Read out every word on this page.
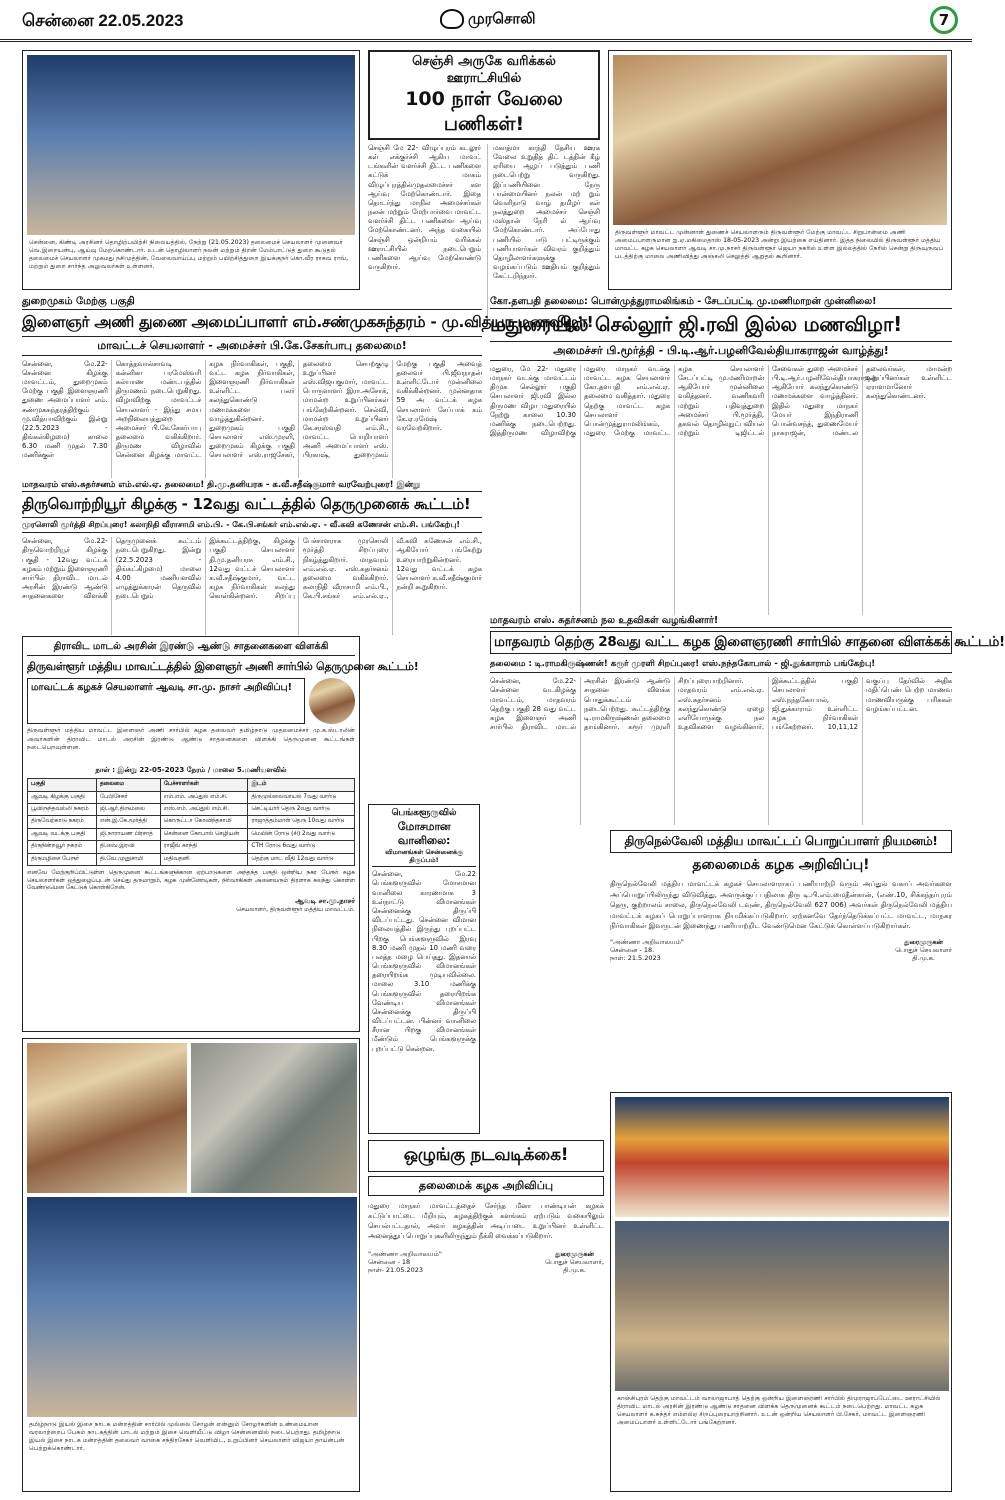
சென்னை 22.05.2023	முரசொலி	7
சென்னை, கிண்டி அரசினர் தொழிற்பயிற்சி நிலையத்தில், நேற்று (21.05.2023) தலைமைச் செயலாளர் முனைவர் வெ.இறையன்பு, ஆய்வு மேற்கொண்டார். உடன் தொழிலாளர் நலன் மற்றும் திறன் மேம்பாட்டுத் துறை கூடுதல் தலைமைச் செயலாளர் முகமது நசிமுத்தின், வேலைவாய்ப்பு மற்றும் பயிற்சித்துறை இயக்குநர் கொ.வீர ராகவ ராவ், மற்றும் துறை சார்ந்த அலுவலர்கள் உள்ளனர்.
செஞ்சி அருகே வரிக்கல் ஊராட்சியில்
100 நாள் வேலை பணிகள்!
செஞ்சி மே 22- விழுப்புரம் கடலூர் கள் எக்குர்ச்சி ஆகிய மாவட் டங்களின் வளர்ச்சி திட்ட பணிகளை கட்டுக் மாகம் விழுப்புரத்தில்முதலமைச்சர் கள ஆய்வு மேற்கொண்டார். இதை தொடர்ந்து மாநில அமைச்சர்கள் நலன் மற்றும் மேற்பார்வை மாவட்ட வளர்ச்சி திட்ட பணிகளை ஆய்வு மேற்கொண்டனர். அந்த வகையில் செஞ்சி ஒன்றியம் வரிக்கல் ஊராட்சியில் நடைபெறும் பணிகளை ஆய்வு மேற்கொண்டு வருகிறார்.
மகாத்மா காந்தி தேசிய ஊரக வேலை உறுதித் திட் டத்தின் கீழ் ஏரியை ஆழப் படுத்தும் பணி நடைபெற்று வருகிறது. இப்பணியினை நேரு பான்மையினர் நலன் மற் றும் வெளிநாடு வாழ் தமிழர் கள் நலத்துறை அமைச்சர் செஞ்சி மஸ்தான் நேரி ல் ஆய்வு மேற்கொண்டார். அப்போது பணியில் ஈடு பட்டிருக்கும் பணியாளர்கள் விவரம் குறித்தும் தொழிலாளர்களுக்கு வழங்கப்படும் ஊதியம் குறித்தும் கேட்டறிந்தார்.
திருவள்ளூர் மாவட்ட முன்னாள் துணைச் செயலாளரும் திருவள்ளூர் மேற்கு மாவட்ட சிறுபான்மை அணி அமைப்பாளருமான ஐ.ஏ.மகிமைதாஸ் 18-05-2023 அன்று இயற்கை எய்தினார். இத்த நிலையில் திருவள்ளூர் மத்திய மாவட்ட கழக செயலாளர் ஆவடி சா.மு.நாசர் திருவள்ளூர் ஜெயா நகரில் உள்ள இல்லத்தில் நேரில் சென்று திருவுருவப் படத்திற்கு மாலை அணிவித்து அஞ்சலி செலுத்தி ஆறுதல் கூறினார்.
துறைமுகம் மேற்கு பகுதி
இளைஞர் அணி துணை அமைப்பாளர் எம்.சண்முகசுந்தரம் - மு.வித்யா மணவிழா!
மாவட்டச் செயலாளர் - அமைச்சர் பி.கே.சேகர்பாபு தலைமை!
சென்னை, மே.22- சென்னை கிழக்கு மாவட்டம், துறைமுகம் மேற்கு பகுதி இளைஞரணி துணை அமைப்பாளர் எம். சண்முகசுந்தரத்திற்கும் மு.வித்யாவிற்கும் இன்று (22.5.2023 - திங்கள்கிழமை) காலை 6.30 மணி முதல் 7.30 மணிக்குள் கொத்தவால்சாவடி கன்னிகா பரமேஸ்வரி கல்யாண மண்டபத்தில் திருமணம் நடைபெறுகிறது. விழாவிற்கு மாவட்டச் செயலாளர் - இந்து சமய அறநிலையத்துறை அமைச்சர் பி.கே.சேகர்பாபு தலைமை வகிக்கிறார். திருமண விழாவில் சென்னை கிழக்கு மாவட்ட கழக நிர்வாகிகள், பகுதி, வட்ட கழக நிர்வாகிகள், இளைஞரணி நிர்வாகிகள் உள்ளிட்ட பலர் கலந்துகொண்டு மணமக்களை வாழ்த்துகின்றனர். துறைமுகம் பகுதி செயலாளர் எஸ்.முரளி, துறைமுகம் கிழக்கு பகுதி செயலாளர் எஸ்.ராஜசேகர், தலைமை செயற்குழு உறுப்பினர் எஸ்.விஜயகுமார், மாவட்ட பொருளாளர் இரா.அசோக், மாமன்ற உறுப்பினர்கள் பங்கேற்கின்றனர். செல்வி, மாமன்ற உறுப்பினர் கே.சரஸ்வதி எம்.சி., மாவட்ட பொறியாளர் அணி அமைப்பாளர் எஸ். பிரகாஷ், துறைமுகம் மேற்கு பகுதி அவைத் தலைவர் பி.ஜீவநாதன் உள்ளிட்டோர் முன்னிலை வகிக்கின்றனர். முன்னதாக 59 அ வட்டக் கழக செயலாளர் சேப்பாக் கம் கே.ஏ.ரமேஷ் வரவேற்கிறார்.
கோ.தளபதி தலைமை: பொன்முத்துராமலிங்கம் - சேடப்பட்டி மு.மணிமாறன் முன்னிலை!
மதுரையில் செல்லூர் ஜி.ரவி இல்ல மணவிழா!
அமைச்சர் பி.மூர்த்தி - பி.டி.ஆர்.பழனிவேல்தியாகராஜன் வாழ்த்து!
மதுரை, மே 22- மதுரை மாநகர் வடக்கு மாவட்டம் திமுக செல்லூர் பகுதி செயலாளர் ஜி.ரவி இல்ல திருமண விழா மதுரையில் நேற்று காலை 10.30 மணிக்கு நடைபெற்றது. இத்திருமண விழாவிற்கு மதுரை மாநகர் வடக்கு மாவட்ட கழக செயலாளர் கோ.தளபதி எம்.எல்.ஏ. தலைமை வகித்தார். மதுரை தெற்கு மாவட்ட கழக செயலாளர் பொன்முத்துராமலிங்கம், மதுரை மேற்கு மாவட்ட கழக செயலாளர் சேடப்பட்டி மு.மணிமாறன் ஆகியோர் முன்னிலை வகித்தனர். வணிகவரி மற்றும் பதிவுத்துறை அமைச்சர் பி.மூர்த்தி, தகவல் தொழில்நுட்பவியல் மற்றும் டிஜிட்டல் சேவைகள் துறை அமைச்சர் பி.டி.ஆர்.பழனிவேல்தியாகராஜன் ஆகியோர் கலந்துகொண்டு மணமக்களை வாழ்த்தினர். இதில் மதுரை மாநகர் மேயர் இந்திராணி பொன்வசந்த், துணைமேயர் நாகராஜன், மண்டல தலைவர்கள், மாமன்ற உறுப்பினர்கள் உள்ளிட்ட ஏராளமானோர் கலந்துகொண்டனர்.
மாதவரம் எஸ்.சுதர்சனம் எம்.எல்.ஏ. தலைமை! தி.மு.தனியரசு - க.வீ.சதீஷ்குமார் வரவேற்புரை! இன்று
திருவொற்றியூர் கிழக்கு - 12வது வட்டத்தில் தெருமுனைக் கூட்டம்!
முரசொலி மூர்த்தி சிறப்புரை! கலாநிதி வீராசாமி எம்.பி. - கே.பி.சங்கர் எம்.எல்.ஏ. - வீ.கவி கணேசன் எம்.சி. பங்கேற்பு!
சென்னை, மே.22- திருவொற்றியூர் கிழக்கு பகுதி - 12வது வட்டக் கழகம் மற்றும் இளைஞரணி சார்பில் திராவிட மாடல் அரசின் இரண்டு ஆண்டு சாதனைகளை விளக்கி தெருமுனைக் கூட்டம் நடைபெறுகிறது. இன்று (22.5.2023 - திங்கட்கிழமை) மாலை 4.00 மணியளவில் எழுத்துக்காரன் தெருவில் நடைபெறும் இக்கூட்டத்திற்கு, கிழக்கு பகுதி செயலாளர் தி.மு.தனியரசு எம்.சி., 12வது வட்டச் செயலாளர் க.வீ.சதீஷ்குமார், வட்ட கழக நிர்வாகிகள் கலந்து கொள்கின்றனர். சிறப்பு பேச்சாளராக முரசொலி மூர்த்தி சிறப்புரை நிகழ்த்துகிறார். மாதவரம் எம்.எல்.ஏ. எஸ்.சுதர்சனம் தலைமை வகிக்கிறார். கலாநிதி வீராசாமி எம்.பி., கே.பி.சங்கர் எம்.எல்.ஏ., வீ.கவி கணேசன் எம்.சி., ஆகியோர் பங்கேற்று உரையாற்றுகின்றனர். 12வது வட்டக் கழக செயலாளர் க.வீ.சதீஷ்குமார் நன்றி கூறுகிறார்.
மாதவரம் எஸ். சுதர்சனம் நல உதவிகள் வழங்கினார்!
மாதவரம் தெற்கு 28வது வட்ட கழக இளைஞரணி சார்பில் சாதனை விளக்கக் கூட்டம்!
தலைமை : டி.ராமகிருஷ்ணன்! கரூர் முரளி சிறப்புரை! எஸ்.நந்தகோபால் - ஜி.துக்காராம் பங்கேற்பு!
சென்னை, மே.22- சென்னை வடகிழக்கு மாவட்டம், மாதவரம் தெற்கு பகுதி 28 வது வட்ட கழக இளைஞர் அணி சார்பில் திராவிட மாடல் அரசின் இரண்டு ஆண்டு சாதனை விளக்க பொதுக்கூட்டம் நடைபெற்றது. கூட்டத்திற்கு டி.ராமகிருஷ்ணன் தலைமை தாங்கினார். கரூர் முரளி சிறப்புரையாற்றினார். மாதவரம் எம்.எல்.ஏ. எஸ்.சுதர்சனம் கலந்துகொண்டு ஏழை எளியோருக்கு நல உதவிகளை வழங்கினார். இக்கூட்டத்தில் பகுதி செயலாளர் எஸ்.நந்தகோபால், ஜி.துக்காராம் உள்ளிட்ட கழக நிர்வாகிகள் பங்கேற்றனர். 10,11,12 வகுப்பு தேர்வில் அதிக மதிப்பெண் பெற்ற மாணவ மாணவியருக்கு பரிசுகள் வழங்கப்பட்டன.
திராவிட மாடல் அரசின் இரண்டு ஆண்டு சாதனைகளை விளக்கி
திருவள்ளூர் மத்திய மாவட்டத்தில் இளைஞர் அணி சார்பில் தெருமுனை கூட்டம்!
மாவட்டக் கழகச் செயலாளர் ஆவடி சா.மு. நாசர் அறிவிப்பு!
திருவள்ளூர் மத்திய மாவட்ட இளைஞர் அணி சார்பில் கழக தலைவர் தமிழ்நாடு முதலமைச்சர் மு.க.ஸ்டாலின் அவர்களின் திராவிட மாடல் அரசின் இரண்டு ஆண்டு சாதனைகளை விளக்கி தெருமுனை கூட்டங்கள் நடைபெறவுள்ளன.
நாள் : இன்று 22-05-2023 நேரம் / மாலை 5.மணியளவில்
பகுதி	தலைமை	பேச்சாளர்கள்	இடம்
ஆவடி கிழக்கு பகுதி	பேபிசேகர்	எம்.எம். அப்துல் எம்.சி.	திருமுல்லைவாயல் 7வது வார்டு
பூவிருந்தவல்லி நகரம்	ஜி.ஆர்.திருமலை	எஸ்.எம். அப்துல் எம்.சி.	செட்டியார் தெரு 2வது வார்டு
திருவேற்காடு நகரம்	என்.இ.கே.மூர்த்தி	கொருட்டா கோவிந்தசாமி	ராஜாத்தம்மாள் தெரு 10வது வார்டு
ஆவடி வடக்கு பகுதி	ஜி.நாராயண பிரசாத்	சென்னை கோபால் செழியன்	மெயின் ரோடு (சி) 2வது வார்டு
திருநின்றவூர் நகரம்	தி.வை.இரவி	ராஜீவ் காந்தி	CTH ரோடு 6வது வார்டு
திருமழிசை பேரூர்	தி.வே.முனுசாமி	மதிவதனி	தெற்கு மாட வீதி 12வது வார்டு
எனவே மேற்குறிப்பிட்டுள்ள தெருமுனை கூட்டங்களுக்கான ஏற்பாடுகளை அந்தந்த பகுதி ஒன்றிய நகர பேரூர் கழக செயலாளர்கள் ஒத்துழைப்புடன் செய்து தருமாறும், கழக முன்னோடிகள், நிர்வாகிகள் அனைவரும் திரளாக கலந்து கொள்ள வேண்டுமென கேட்டுக் கொள்கிறேன்.
ஆவடி சா.மு.நாசர்
செயலாளர், திருவள்ளூர் மத்திய மாவட்டம்.
பெங்களூருவில்
மோசமான வானிலை:
விமானங்கள் சென்னைக்கு திருப்பம்!
சென்னை, மே.22 பெங்களூருவில் மோசமான வானிலை காரணமாக 3 உள்நாட்டு விமானங்கள் சென்னைக்கு திருப்பி விடப்பட்டது. சென்னை விமான நிலையத்தில் இருந்து புறப்பட்ட பிறகு பெங்களூருவில் இரவு 8.30 மணி முதல் 10 மணி வரை பலத்த மழை பெய்தது. இதனால் பெங்களூருவில் விமானங்கள் தரையிறங்க முடியவில்லை. மாலை 3.10 மணிக்கு பெங்களூருவில் தரையிறங்க வேண்டிய விமானங்கள் சென்னைக்கு திருப்பி விடப்பட்டன. பின்னர் வானிலை சீரான பிறகு விமானங்கள் மீண்டும் பெங்களூருக்கு புறப்பட்டு சென்றன.
திருநெல்வேலி மத்திய மாவட்டப் பொறுப்பாளர் நியமனம்!
தலைமைக் கழக அறிவிப்பு!
திருநெல்வேலி மத்திய மாவட்டக் கழகச் செயலாளராகப் பணியாற்றி வரும் அப்துல் வகாப் அவர்களை அப்பொறுப்பிலிருந்து விடுவித்து, அவருக்குப் பதிலாக திரு டி.பி.எம்.மைதீன்கான், (எண்.10, சிக்கந்தர்புரம் தெரு, குற்றாலம் சாலை, திருநெல்வேலி டவுண், திருநெல்வேலி 627 006) அவர்கள் திருநெல்வேலி மத்திய மாவட்டக் கழகப் பொறுப்பாளராக நியமிக்கப்படுகிறார். ஏற்கனவே தேர்ந்தெடுக்கப்பட்ட மாவட்ட, மாநகர நிர்வாகிகள் இவருடன் இணைந்து பணியாற்றிட வேண்டுமென கேட்டுக் கொள்ளப்படுகிறார்கள்.
"அண்ணா அறிவாலயம்"
சென்னை - 18.
நாள்: 21.5.2023
துரைமுருகன்
பொதுச் செயலாளர்
தி.மு.க.
காஞ்சிபுரம் தெற்கு மாவட்டம் வாலாஜாபாத் தெற்கு ஒன்றிய இளைஞரணி சார்பில் திமுராஜாப்பேட்டை ஊராட்சியில் திராவிட மாடல் அரசின் இரண்டு ஆண்டு சாதனை விளக்க தெருமுனைக் கூட்டம் நடைபெற்றது. மாவட்ட கழக செயலாளர் க.சுந்தர் எம்எல்ஏ சிறப்புரையாற்றினார். உடன் ஒன்றிய செயலாளர் பி.சேகர், மாவட்ட இளைஞரணி அமைப்பாளர் உள்ளிட்டோர் பங்கேற்றனர்.
தமிழ்நாடு இயல் இசை நாடக மன்றத்தின் சார்பில் முல்லை சோழன் என்னும் சோழர்களின் உண்மையான வரலாற்றைப் பேசும் நாடகத்தின் பாடல் மற்றும் இசை வெளியீட்டு விழா சென்னையில் நடைபெற்றது. தமிழ்நாடு இயல் இசை நாடக மன்றத்தின் தலைவர் வாகை சந்திரசேகர் வெளியிட, உறுப்பினர் செயலாளர் விஜயா தாயன்பன் பெற்றுக்கொண்டார்.
ஒழுங்கு நடவடிக்கை!
தலைமைக் கழக அறிவிப்பு
மதுரை மாநகர் மாவட்டத்தைச் சேர்ந்த மீனா பாண்டியன் கழகக் கட்டுப்பாட்டை மீறியும், கழகத்திற்குக் களங்கம் ஏற்படும் வகையிலும் செயல்பட்டதால், அவர் கழகத்தின் அடிப்படை உறுப்பினர் உள்ளிட்ட அனைத்துப் பொறுப்புகளிலிருந்தும் நீக்கி வைக்கப்படுகிறார்.
"அண்ணா அறிவாலயம்"
சென்னை - 18
நாள்- 21.05.2023
துரைமுருகன்
பொதுச் செயலாளர்,
தி.மு.க.
